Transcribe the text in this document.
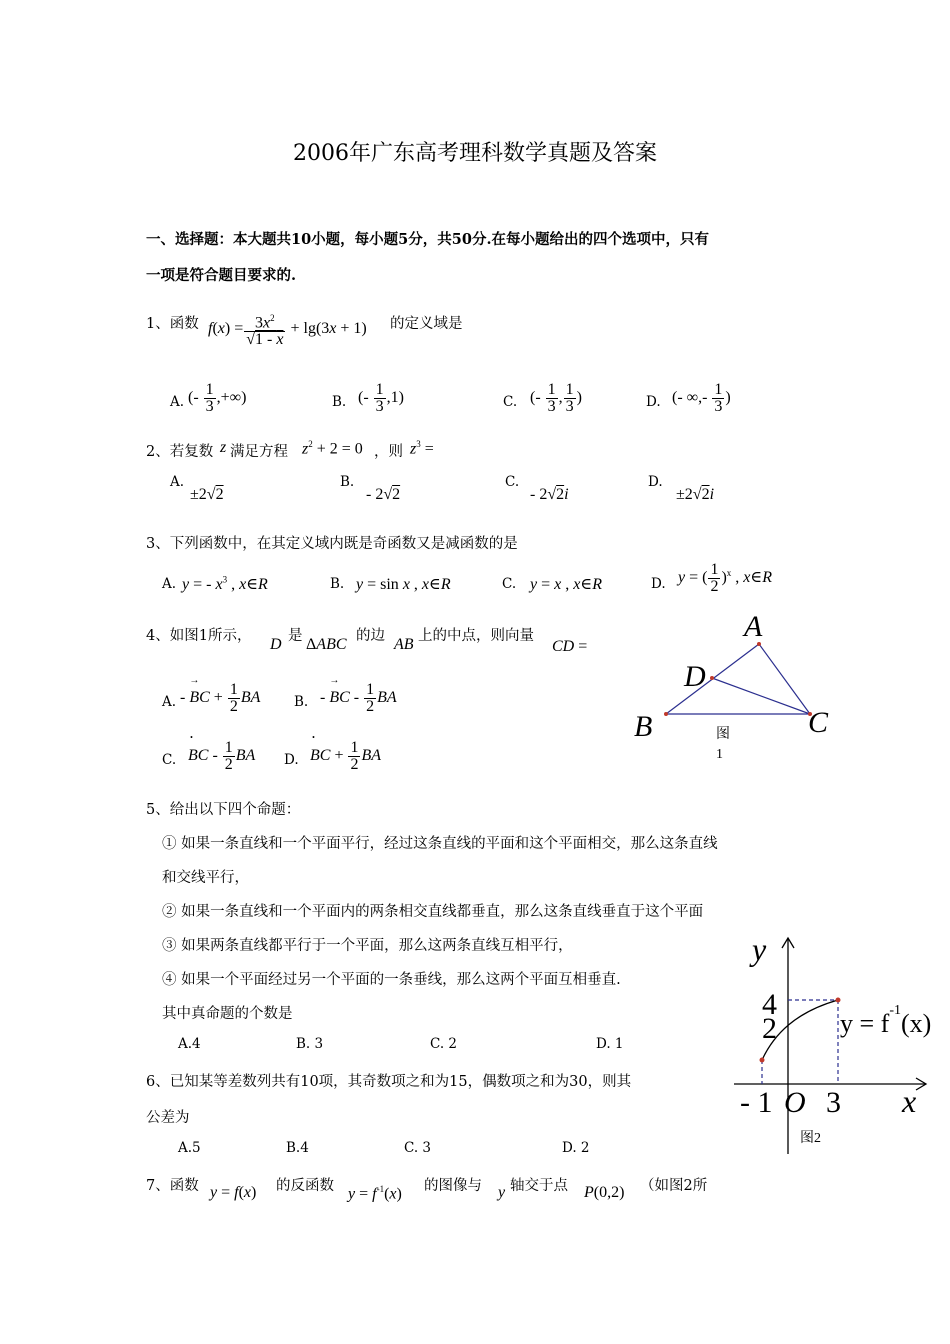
2006年广东高考理科数学真题及答案
一、选择题：本大题共10小题，每小题5分，共50分.在每小题给出的四个选项中，只有
一项是符合题目要求的.
1、函数 $f(x) = \frac{3x^2}{√1 - x} + \lg(3x + 1)$ 的定义域是
A. (- $\frac{1}{3}$ ,+∞)	B. (- $\frac{1}{3} ,1$)	C. (- $\frac{1}{3}$ , $\frac{1}{3}$ )	D. (- ∞,- $\frac{1}{3}$ )
2、若复数 z 满足方程 $z^2 + 2 = 0$ ，则 $z^3$ =
A.
±2√2
B.
- 2√2
C.
- 2√2i
D.
±2√2i
3、下列函数中，在其定义域内既是奇函数又是减函数的是
A. y = - $x^3$ , x∈R	B. y = sin x , x∈R	C. y = x , x∈R	D. y = ( $\frac{1}{2} )^x$ , x∈R
4、如图1所示， D 是 ΔABC 的边 AB 上的中点，则向量
CD =
A. - → BC + $\frac{1}{2}$ BA B. - → BC - $\frac{1}{2}$ BA
C. • BC - $\frac{1}{2}$ BA D. • BC + $\frac{1}{2}$ BA
A
B	C
D
图
1
5、给出以下四个命题：
① 如果一条直线和一个平面平行，经过这条直线的平面和这个平面相交，那么这条直线
和交线平行，
② 如果一条直线和一个平面内的两条相交直线都垂直，那么这条直线垂直于这个平面
③ 如果两条直线都平行于一个平面，那么这两条直线互相平行，
④ 如果一个平面经过另一个平面的一条垂线，那么这两个平面互相垂直.
其中真命题的个数是
A.4	B. 3	C. 2	D. 1
6、已知某等差数列共有10项，其奇数项之和为15，偶数项之和为30，则其
公差为
A.5	B.4	C. 3	D. 2
7、函数 y = f(x) 的反函数 $y = f^{-1}(x)$ 的图像与 y 轴交于点 P(0,2) （如图2所
y
x
4
2
- 1 O 3
$y = f^{-1}(x)$
图2
